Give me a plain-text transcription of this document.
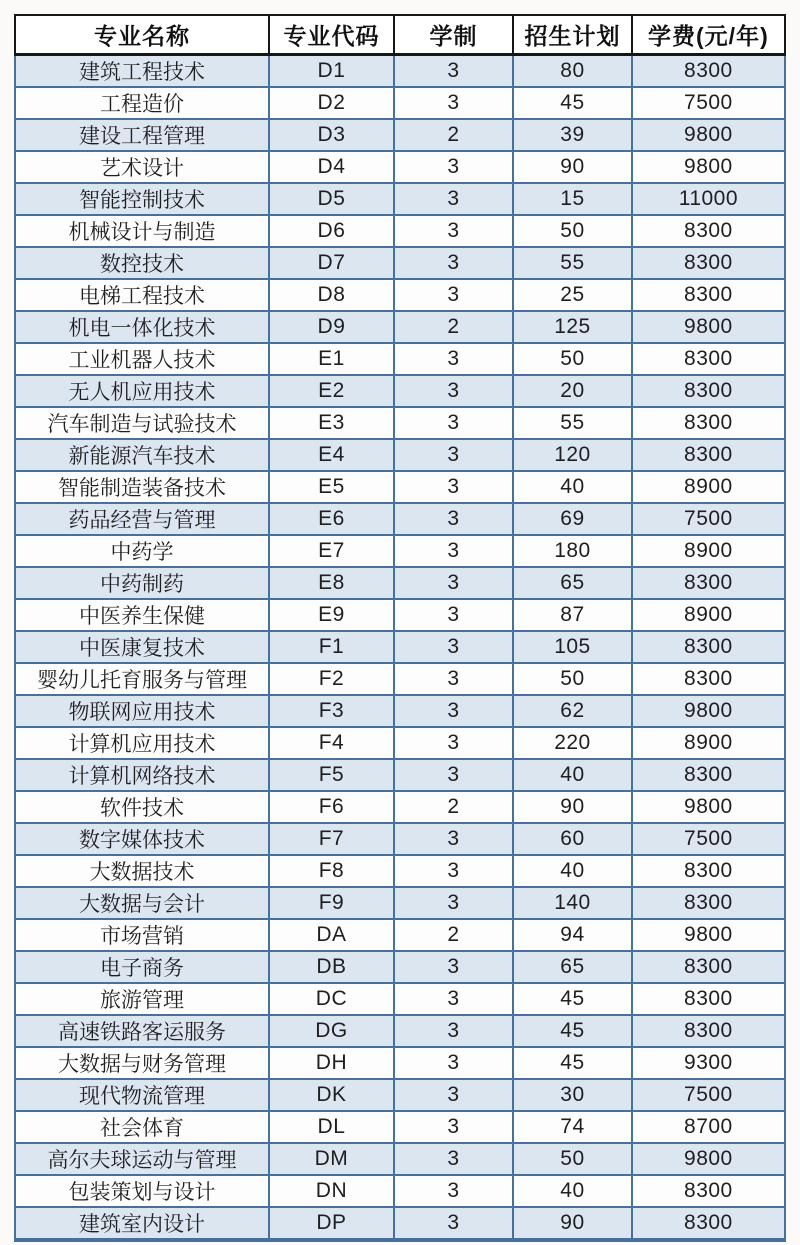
专业名称	专业代码	学制	招生计划	学费(元/年)
建筑工程技术	D1	3	80	8300
工程造价	D2	3	45	7500
建设工程管理	D3	2	39	9800
艺术设计	D4	3	90	9800
智能控制技术	D5	3	15	11000
机械设计与制造	D6	3	50	8300
数控技术	D7	3	55	8300
电梯工程技术	D8	3	25	8300
机电一体化技术	D9	2	125	9800
工业机器人技术	E1	3	50	8300
无人机应用技术	E2	3	20	8300
汽车制造与试验技术	E3	3	55	8300
新能源汽车技术	E4	3	120	8300
智能制造装备技术	E5	3	40	8900
药品经营与管理	E6	3	69	7500
中药学	E7	3	180	8900
中药制药	E8	3	65	8300
中医养生保健	E9	3	87	8900
中医康复技术	F1	3	105	8300
婴幼儿托育服务与管理	F2	3	50	8300
物联网应用技术	F3	3	62	9800
计算机应用技术	F4	3	220	8900
计算机网络技术	F5	3	40	8300
软件技术	F6	2	90	9800
数字媒体技术	F7	3	60	7500
大数据技术	F8	3	40	8300
大数据与会计	F9	3	140	8300
市场营销	DA	2	94	9800
电子商务	DB	3	65	8300
旅游管理	DC	3	45	8300
高速铁路客运服务	DG	3	45	8300
大数据与财务管理	DH	3	45	9300
现代物流管理	DK	3	30	7500
社会体育	DL	3	74	8700
高尔夫球运动与管理	DM	3	50	9800
包装策划与设计	DN	3	40	8300
建筑室内设计	DP	3	90	8300
